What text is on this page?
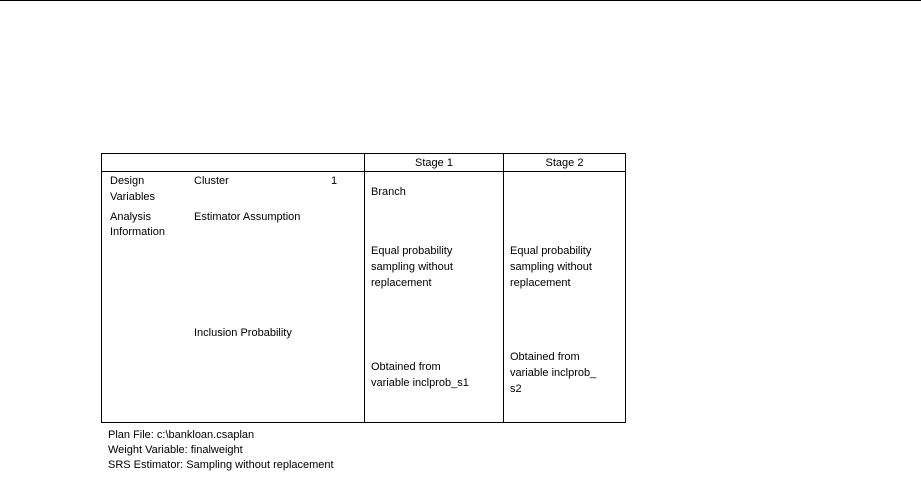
Stage 1	Stage 2
Design
Variables
Cluster	1
Branch
Analysis
Information
Estimator Assumption
Equal probability
sampling without
replacement
Equal probability
sampling without
replacement
Inclusion Probability
Obtained from
variable inclprob_s1
Obtained from
variable inclprob_
s2
Plan File: c:\bankloan.csaplan
Weight Variable: finalweight
SRS Estimator: Sampling without replacement
